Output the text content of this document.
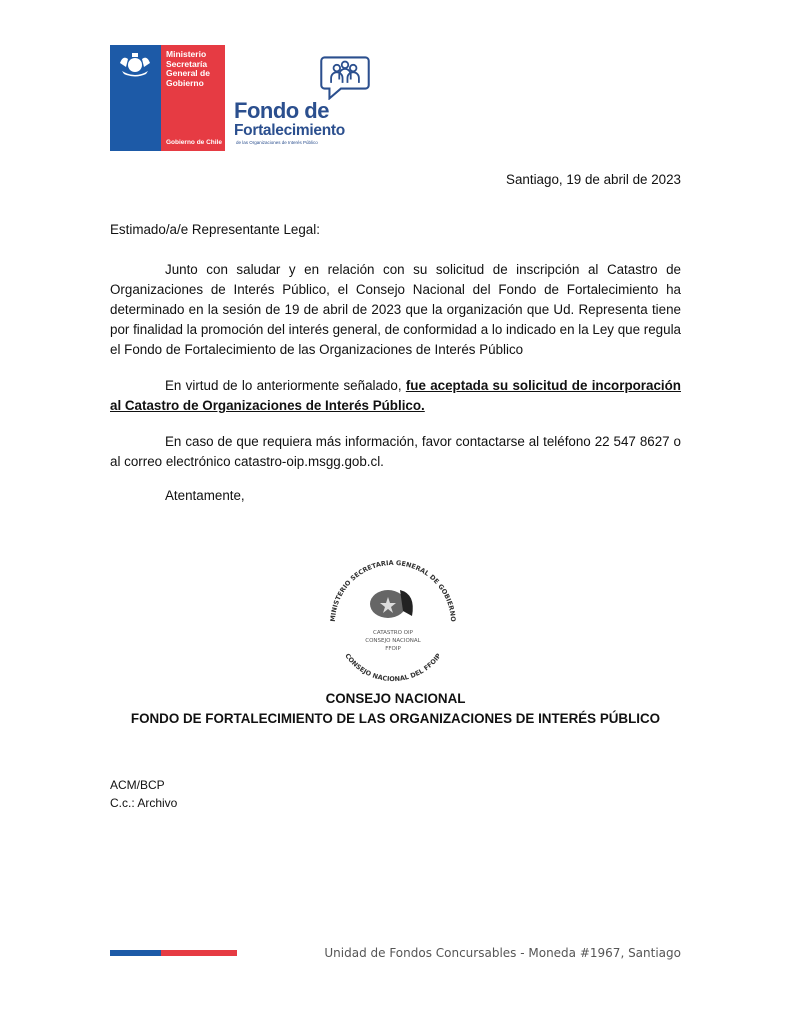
Ministerio
Secretaría
General de
Gobierno
Gobierno de Chile
Fondo de
Fortalecimiento
de las Organizaciones de Interés Público
Santiago, 19 de abril de 2023
Estimado/a/e Representante Legal:
Junto con saludar y en relación con su solicitud de inscripción al Catastro de Organizaciones de Interés Público, el Consejo Nacional del Fondo de Fortalecimiento ha determinado en la sesión de 19 de abril de 2023 que la organización que Ud. Representa tiene por finalidad la promoción del interés general, de conformidad a lo indicado en la Ley que regula el Fondo de Fortalecimiento de las Organizaciones de Interés Público
En virtud de lo anteriormente señalado, fue aceptada su solicitud de incorporación al Catastro de Organizaciones de Interés Público.
En caso de que requiera más información, favor contactarse al teléfono 22 547 8627 o al correo electrónico catastro-oip.msgg.gob.cl.
Atentamente,
MINISTERIO SECRETARIA GENERAL DE GOBIERNO
CONSEJO NACIONAL DEL FFOIP
CATASTRO OIP
CONSEJO NACIONAL
FFOIP
CONSEJO NACIONAL
FONDO DE FORTALECIMIENTO DE LAS ORGANIZACIONES DE INTERÉS PÚBLICO
ACM/BCP
C.c.: Archivo
Unidad de Fondos Concursables - Moneda #1967, Santiago
